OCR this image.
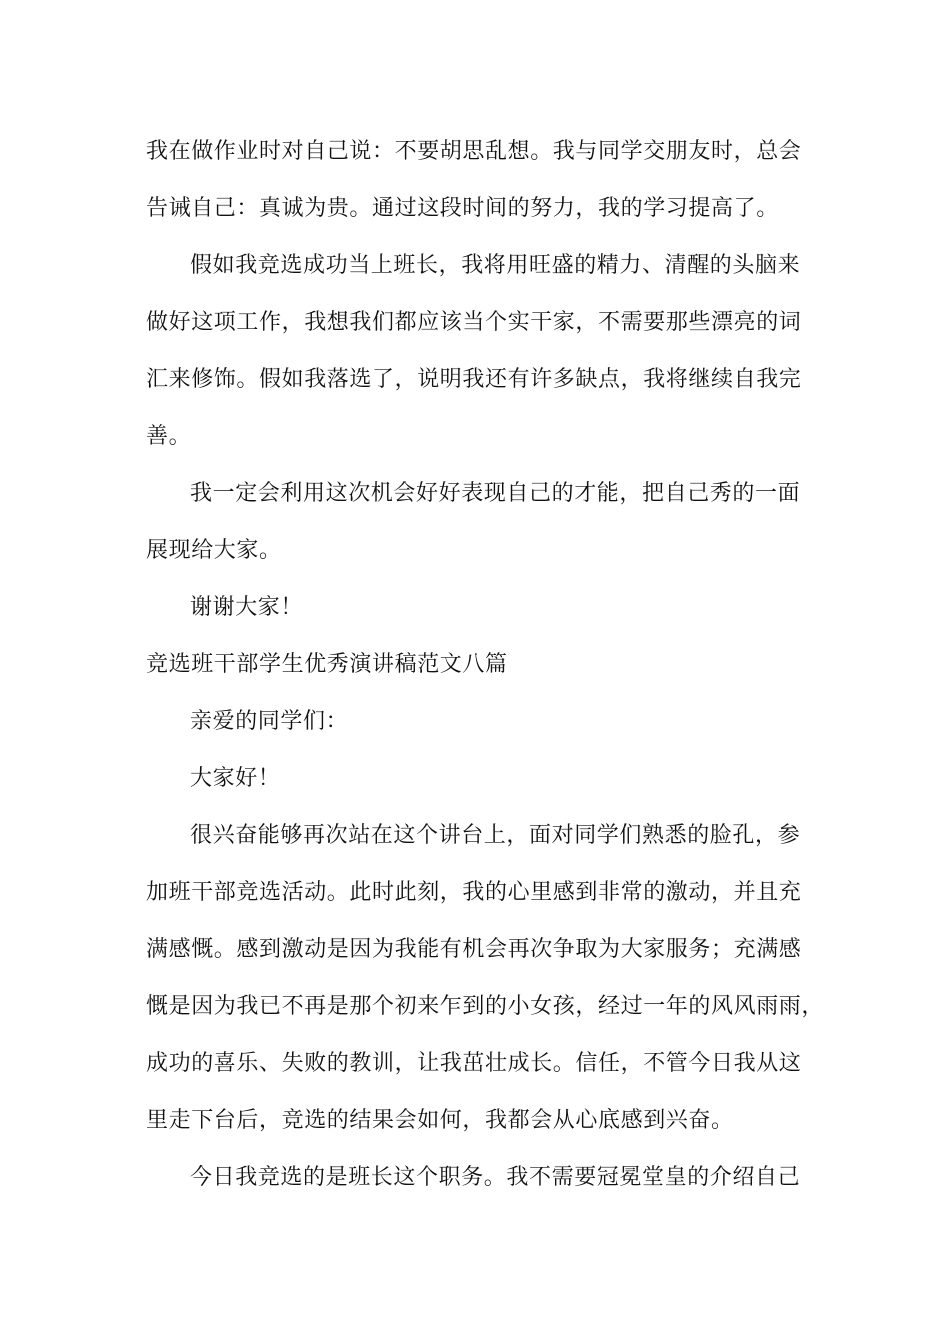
我在做作业时对自己说：不要胡思乱想。我与同学交朋友时，总会
告诫自己：真诚为贵。通过这段时间的努力，我的学习提高了。
假如我竞选成功当上班长，我将用旺盛的精力、清醒的头脑来
做好这项工作，我想我们都应该当个实干家，不需要那些漂亮的词
汇来修饰。假如我落选了，说明我还有许多缺点，我将继续自我完
善。
我一定会利用这次机会好好表现自己的才能，把自己秀的一面
展现给大家。
谢谢大家！
竞选班干部学生优秀演讲稿范文八篇
亲爱的同学们：
大家好！
很兴奋能够再次站在这个讲台上，面对同学们熟悉的脸孔，参
加班干部竞选活动。此时此刻，我的心里感到非常的激动，并且充
满感慨。感到激动是因为我能有机会再次争取为大家服务；充满感
慨是因为我已不再是那个初来乍到的小女孩，经过一年的风风雨雨，
成功的喜乐、失败的教训，让我茁壮成长。信任，不管今日我从这
里走下台后，竞选的结果会如何，我都会从心底感到兴奋。
今日我竞选的是班长这个职务。我不需要冠冕堂皇的介绍自己
